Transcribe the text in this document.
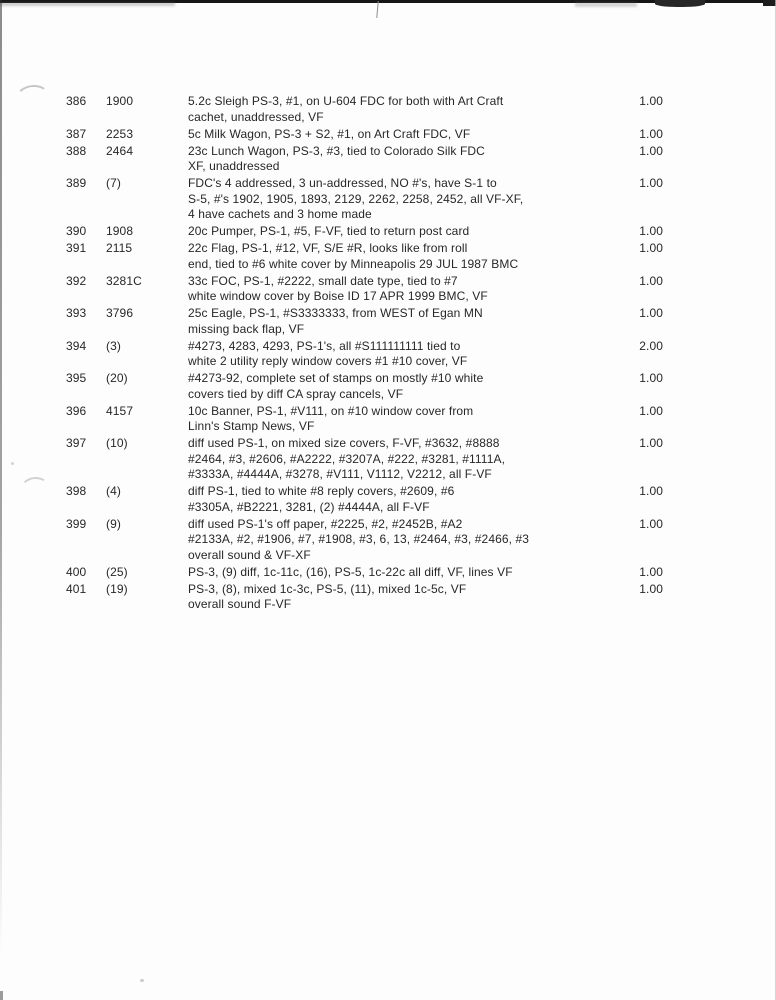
386	1900	5.2c Sleigh PS-3, #1, on U-604 FDC for both with Art Craft
cachet, unaddressed, VF
1.00
387	2253	5c Milk Wagon, PS-3 + S2, #1, on Art Craft FDC, VF	1.00
388	2464	23c Lunch Wagon, PS-3, #3, tied to Colorado Silk FDC
XF, unaddressed
1.00
389	(7)	FDC's 4 addressed, 3 un-addressed, NO #'s, have S-1 to
S-5, #'s 1902, 1905, 1893, 2129, 2262, 2258, 2452, all VF-XF,
4 have cachets and 3 home made
1.00
390	1908	20c Pumper, PS-1, #5, F-VF, tied to return post card	1.00
391	2115	22c Flag, PS-1, #12, VF, S/E #R, looks like from roll
end, tied to #6 white cover by Minneapolis 29 JUL 1987 BMC
1.00
392	3281C	33c FOC, PS-1, #2222, small date type, tied to #7
white window cover by Boise ID 17 APR 1999 BMC, VF
1.00
393	3796	25c Eagle, PS-1, #S3333333, from WEST of Egan MN
missing back flap, VF
1.00
394	(3)	#4273, 4283, 4293, PS-1's, all #S111111111 tied to
white 2 utility reply window covers #1 #10 cover, VF
2.00
395	(20)	#4273-92, complete set of stamps on mostly #10 white
covers tied by diff CA spray cancels, VF
1.00
396	4157	10c Banner, PS-1, #V111, on #10 window cover from
Linn's Stamp News, VF
1.00
397	(10)	diff used PS-1, on mixed size covers, F-VF, #3632, #8888
#2464, #3, #2606, #A2222, #3207A, #222, #3281, #1111A,
#3333A, #4444A, #3278, #V111, V1112, V2212, all F-VF
1.00
398	(4)	diff PS-1, tied to white #8 reply covers, #2609, #6
#3305A, #B2221, 3281, (2) #4444A, all F-VF
1.00
399	(9)	diff used PS-1's off paper, #2225, #2, #2452B, #A2
#2133A, #2, #1906, #7, #1908, #3, 6, 13, #2464, #3, #2466, #3
overall sound & VF-XF
1.00
400	(25)	PS-3, (9) diff, 1c-11c, (16), PS-5, 1c-22c all diff, VF, lines VF	1.00
401	(19)	PS-3, (8), mixed 1c-3c, PS-5, (11), mixed 1c-5c, VF
overall sound F-VF
1.00
